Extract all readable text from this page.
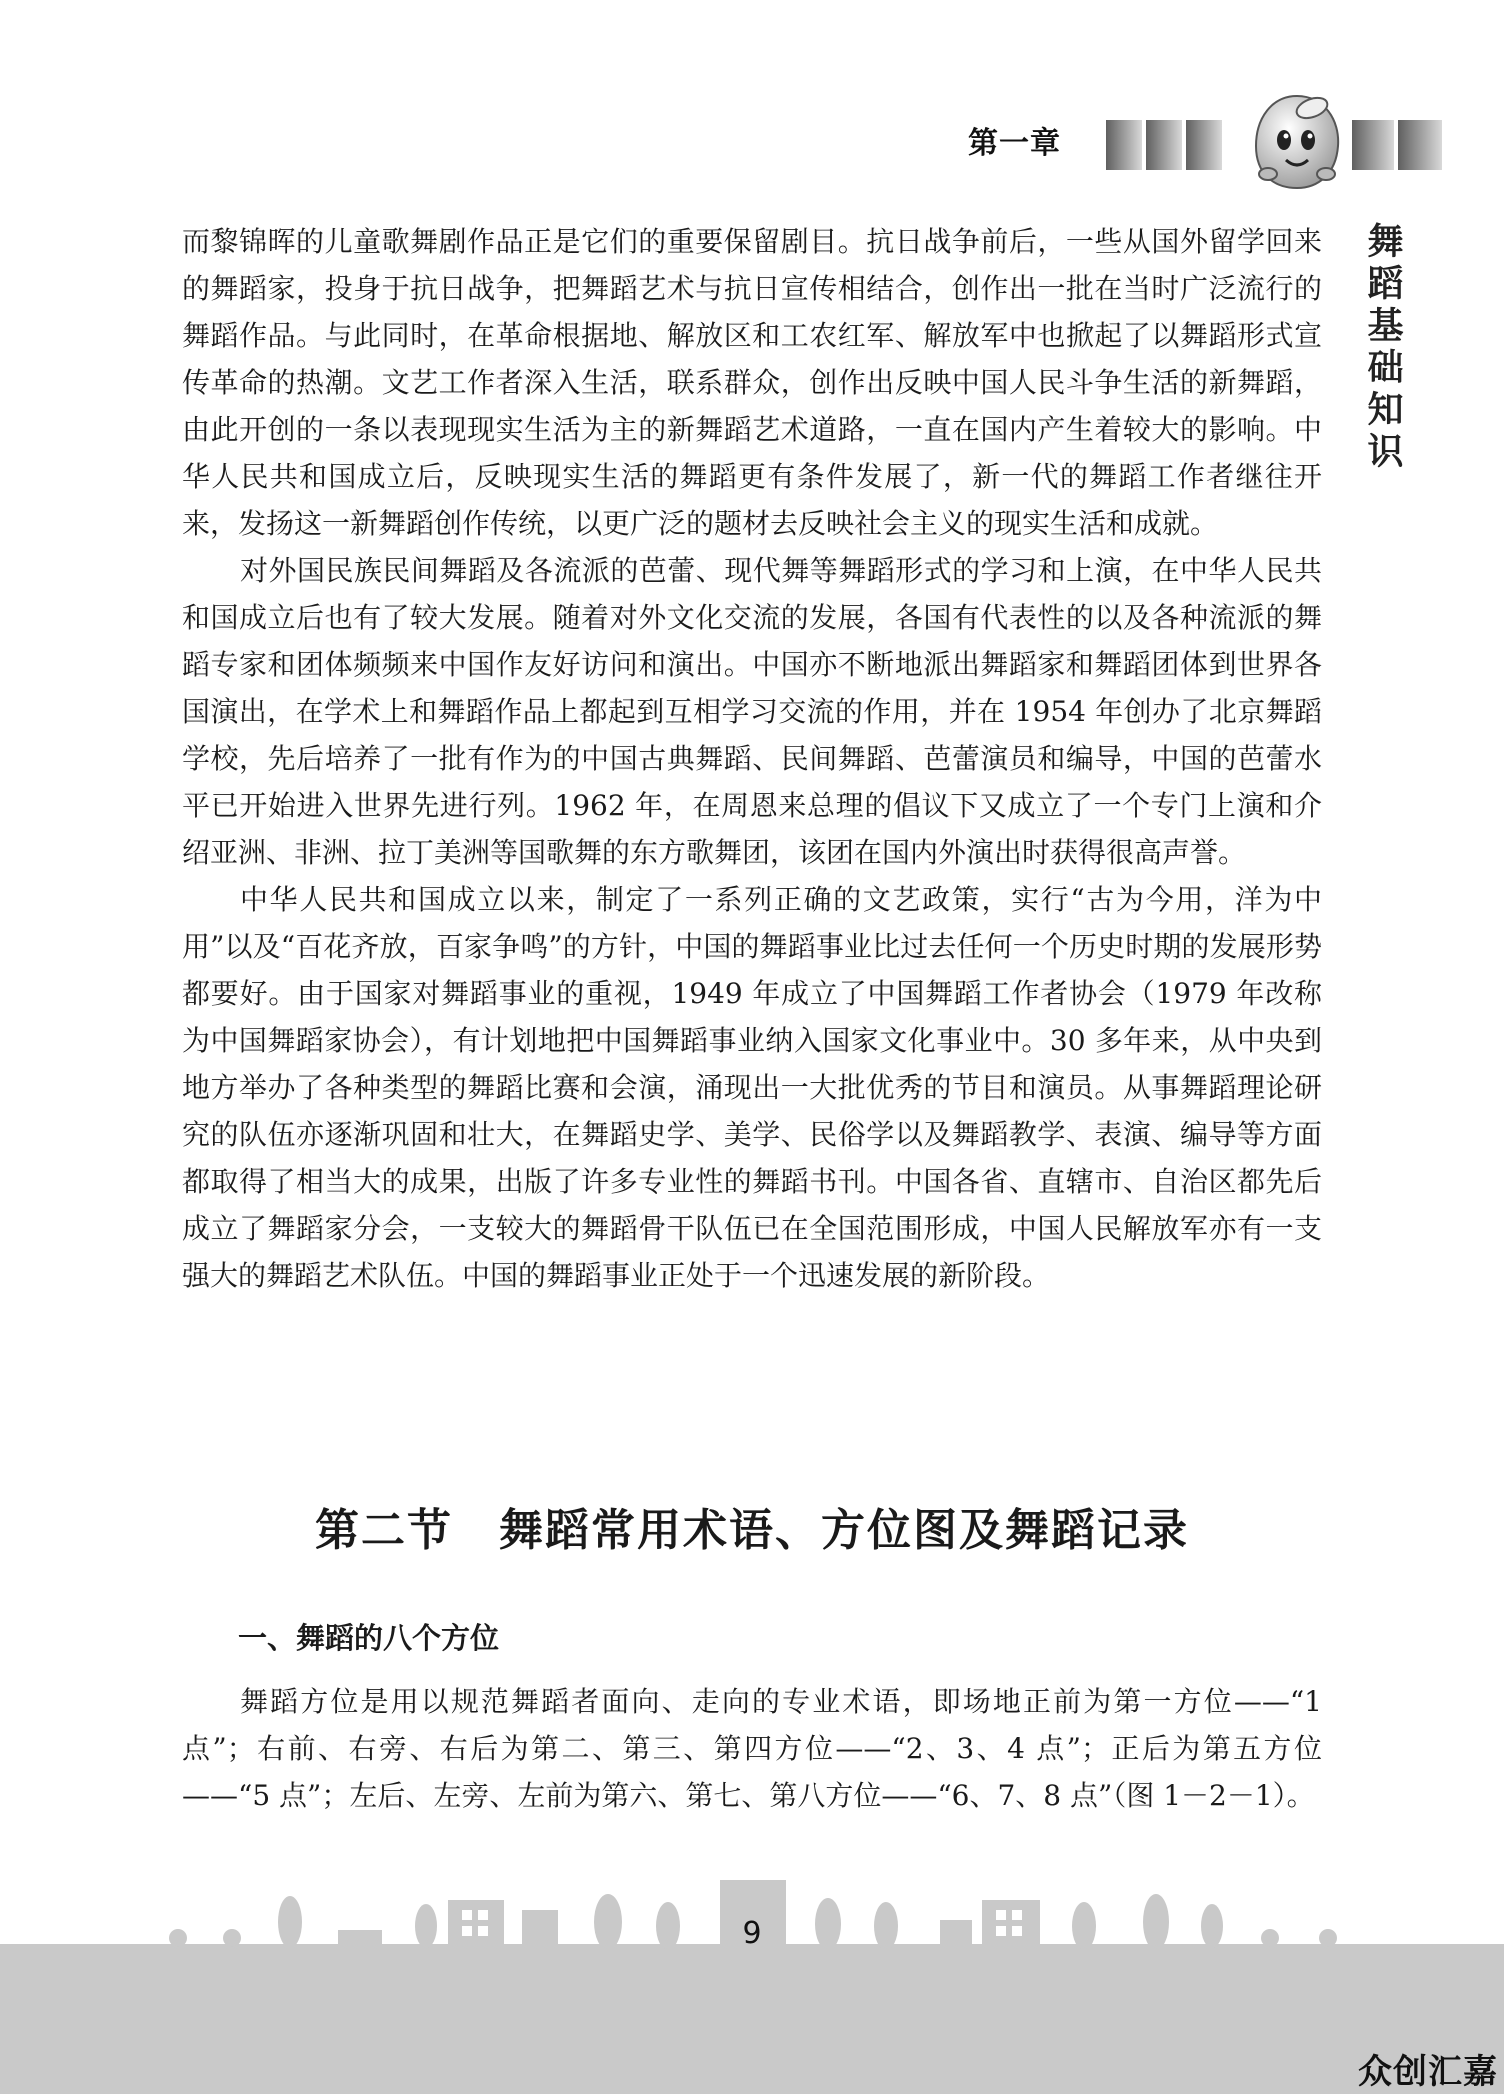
第一章
舞蹈基础知识

而黎锦晖的儿童歌舞剧作品正是它们的重要保留剧目。抗日战争前后，一些从国外留学回来的舞蹈家，投身于抗日战争，把舞蹈艺术与抗日宣传相结合，创作出一批在当时广泛流行的舞蹈作品。与此同时，在革命根据地、解放区和工农红军、解放军中也掀起了以舞蹈形式宣传革命的热潮。文艺工作者深入生活，联系群众，创作出反映中国人民斗争生活的新舞蹈，由此开创的一条以表现现实生活为主的新舞蹈艺术道路，一直在国内产生着较大的影响。中华人民共和国成立后，反映现实生活的舞蹈更有条件发展了，新一代的舞蹈工作者继往开来，发扬这一新舞蹈创作传统，以更广泛的题材去反映社会主义的现实生活和成就。

对外国民族民间舞蹈及各流派的芭蕾、现代舞等舞蹈形式的学习和上演，在中华人民共和国成立后也有了较大发展。随着对外文化交流的发展，各国有代表性的以及各种流派的舞蹈专家和团体频频来中国作友好访问和演出。中国亦不断地派出舞蹈家和舞蹈团体到世界各国演出，在学术上和舞蹈作品上都起到互相学习交流的作用，并在 1954 年创办了北京舞蹈学校，先后培养了一批有作为的中国古典舞蹈、民间舞蹈、芭蕾演员和编导，中国的芭蕾水平已开始进入世界先进行列。1962 年，在周恩来总理的倡议下又成立了一个专门上演和介绍亚洲、非洲、拉丁美洲等国歌舞的东方歌舞团，该团在国内外演出时获得很高声誉。

中华人民共和国成立以来，制定了一系列正确的文艺政策，实行“古为今用，洋为中用”以及“百花齐放，百家争鸣”的方针，中国的舞蹈事业比过去任何一个历史时期的发展形势都要好。由于国家对舞蹈事业的重视，1949 年成立了中国舞蹈工作者协会（1979 年改称为中国舞蹈家协会），有计划地把中国舞蹈事业纳入国家文化事业中。30 多年来，从中央到地方举办了各种类型的舞蹈比赛和会演，涌现出一大批优秀的节目和演员。从事舞蹈理论研究的队伍亦逐渐巩固和壮大，在舞蹈史学、美学、民俗学以及舞蹈教学、表演、编导等方面都取得了相当大的成果，出版了许多专业性的舞蹈书刊。中国各省、直辖市、自治区都先后成立了舞蹈家分会，一支较大的舞蹈骨干队伍已在全国范围形成，中国人民解放军亦有一支强大的舞蹈艺术队伍。中国的舞蹈事业正处于一个迅速发展的新阶段。

第二节　舞蹈常用术语、方位图及舞蹈记录
一、舞蹈的八个方位

舞蹈方位是用以规范舞蹈者面向、走向的专业术语，即场地正前为第一方位——“1 点”；右前、右旁、右后为第二、第三、第四方位——“2、3、4 点”；正后为第五方位——“5 点”；左后、左旁、左前为第六、第七、第八方位——“6、7、8 点”（图 1－2－1）。

9
众创汇嘉
